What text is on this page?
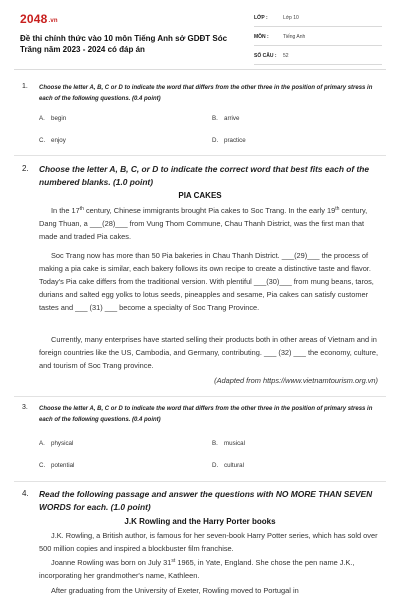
2048.vn
Đề thi chính thức vào 10 môn Tiếng Anh sở GDĐT Sóc Trăng năm 2023 - 2024 có đáp án
LỚP :	Lớp 10
MÔN :	Tiếng Anh
SỐ CÂU : 52
1. Choose the letter A, B, C or D to indicate the word that differs from the other three in the position of primary stress in each of the following questions. (0.4 point)
A. begin	B. arrive
C. enjoy	D. practice
2. Choose the letter A, B, C, or D to indicate the correct word that best fits each of the numbered blanks. (1.0 point)
PIA CAKES
In the 17th century, Chinese immigrants brought Pia cakes to Soc Trang. In the early 19th century, Dang Thuan, a ___(28)___ from Vung Thom Commune, Chau Thanh District, was the first man that made and traded Pia cakes.
Soc Trang now has more than 50 Pia bakeries in Chau Thanh District. ___(29)___ the process of making a pia cake is similar, each bakery follows its own recipe to create a distinctive taste and flavor. Today's Pia cake differs from the traditional version. With plentiful ___(30)___ from mung beans, taros, durians and salted egg yolks to lotus seeds, pineapples and sesame, Pia cakes can satisfy customer tastes and ___ (31) ___ become a specialty of Soc Trang Province.
Currently, many enterprises have started selling their products both in other areas of Vietnam and in foreign countries like the US, Cambodia, and Germany, contributing. ___ (32) ___ the economy, culture, and tourism of Soc Trang province.
(Adapted from https://www.vietnamtourism.org.vn)
3. Choose the letter A, B, C or D to indicate the word that differs from the other three in the position of primary stress in each of the following questions. (0.4 point)
A. physical	B. musical
C. potential	D. cultural
4. Read the following passage and answer the questions with NO MORE THAN SEVEN WORDS for each. (1.0 point)
J.K Rowling and the Harry Porter books
J.K. Rowling, a British author, is famous for her seven-book Harry Potter series, which has sold over 500 million copies and inspired a blockbuster film franchise.
Joanne Rowling was born on July 31st 1965, in Yate, England. She chose the pen name J.K., incorporating her grandmother's name, Kathleen.
After graduating from the University of Exeter, Rowling moved to Portugal in
